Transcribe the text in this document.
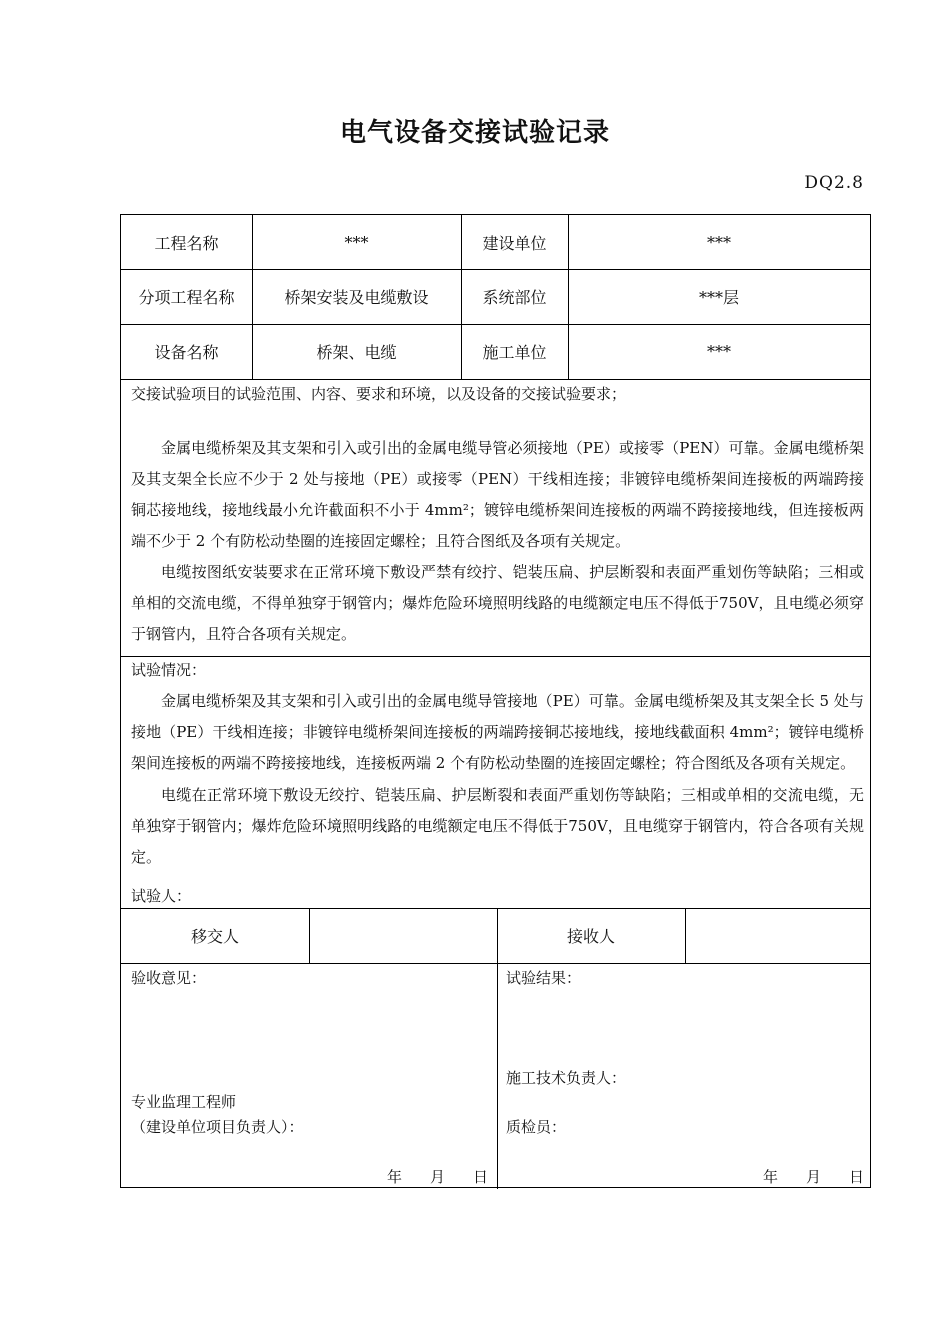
电气设备交接试验记录
DQ2.8
工程名称	***	建设单位	***
分项工程名称	桥架安装及电缆敷设	系统部位	***层
设备名称	桥架、电缆	施工单位	***
交接试验项目的试验范围、内容、要求和环境，以及设备的交接试验要求；
金属电缆桥架及其支架和引入或引出的金属电缆导管必须接地（PE）或接零（PEN）可靠。金属电缆桥架及其支架全长应不少于 2 处与接地（PE）或接零（PEN）干线相连接；非镀锌电缆桥架间连接板的两端跨接铜芯接地线，接地线最小允许截面积不小于 4mm²；镀锌电缆桥架间连接板的两端不跨接接地线，但连接板两端不少于 2 个有防松动垫圈的连接固定螺栓；且符合图纸及各项有关规定。
电缆按图纸安装要求在正常环境下敷设严禁有绞拧、铠装压扁、护层断裂和表面严重划伤等缺陷；三相或单相的交流电缆，不得单独穿于钢管内；爆炸危险环境照明线路的电缆额定电压不得低于750V，且电缆必须穿于钢管内，且符合各项有关规定。
试验情况：
金属电缆桥架及其支架和引入或引出的金属电缆导管接地（PE）可靠。金属电缆桥架及其支架全长 5 处与接地（PE）干线相连接；非镀锌电缆桥架间连接板的两端跨接铜芯接地线，接地线截面积 4mm²；镀锌电缆桥架间连接板的两端不跨接接地线，连接板两端 2 个有防松动垫圈的连接固定螺栓；符合图纸及各项有关规定。
电缆在正常环境下敷设无绞拧、铠装压扁、护层断裂和表面严重划伤等缺陷；三相或单相的交流电缆，无单独穿于钢管内；爆炸危险环境照明线路的电缆额定电压不得低于750V，且电缆穿于钢管内，符合各项有关规定。
试验人：
移交人	接收人
验收意见：
专业监理工程师
（建设单位项目负责人）：
年 月 日
试验结果：
施工技术负责人：
质检员：
年 月 日
